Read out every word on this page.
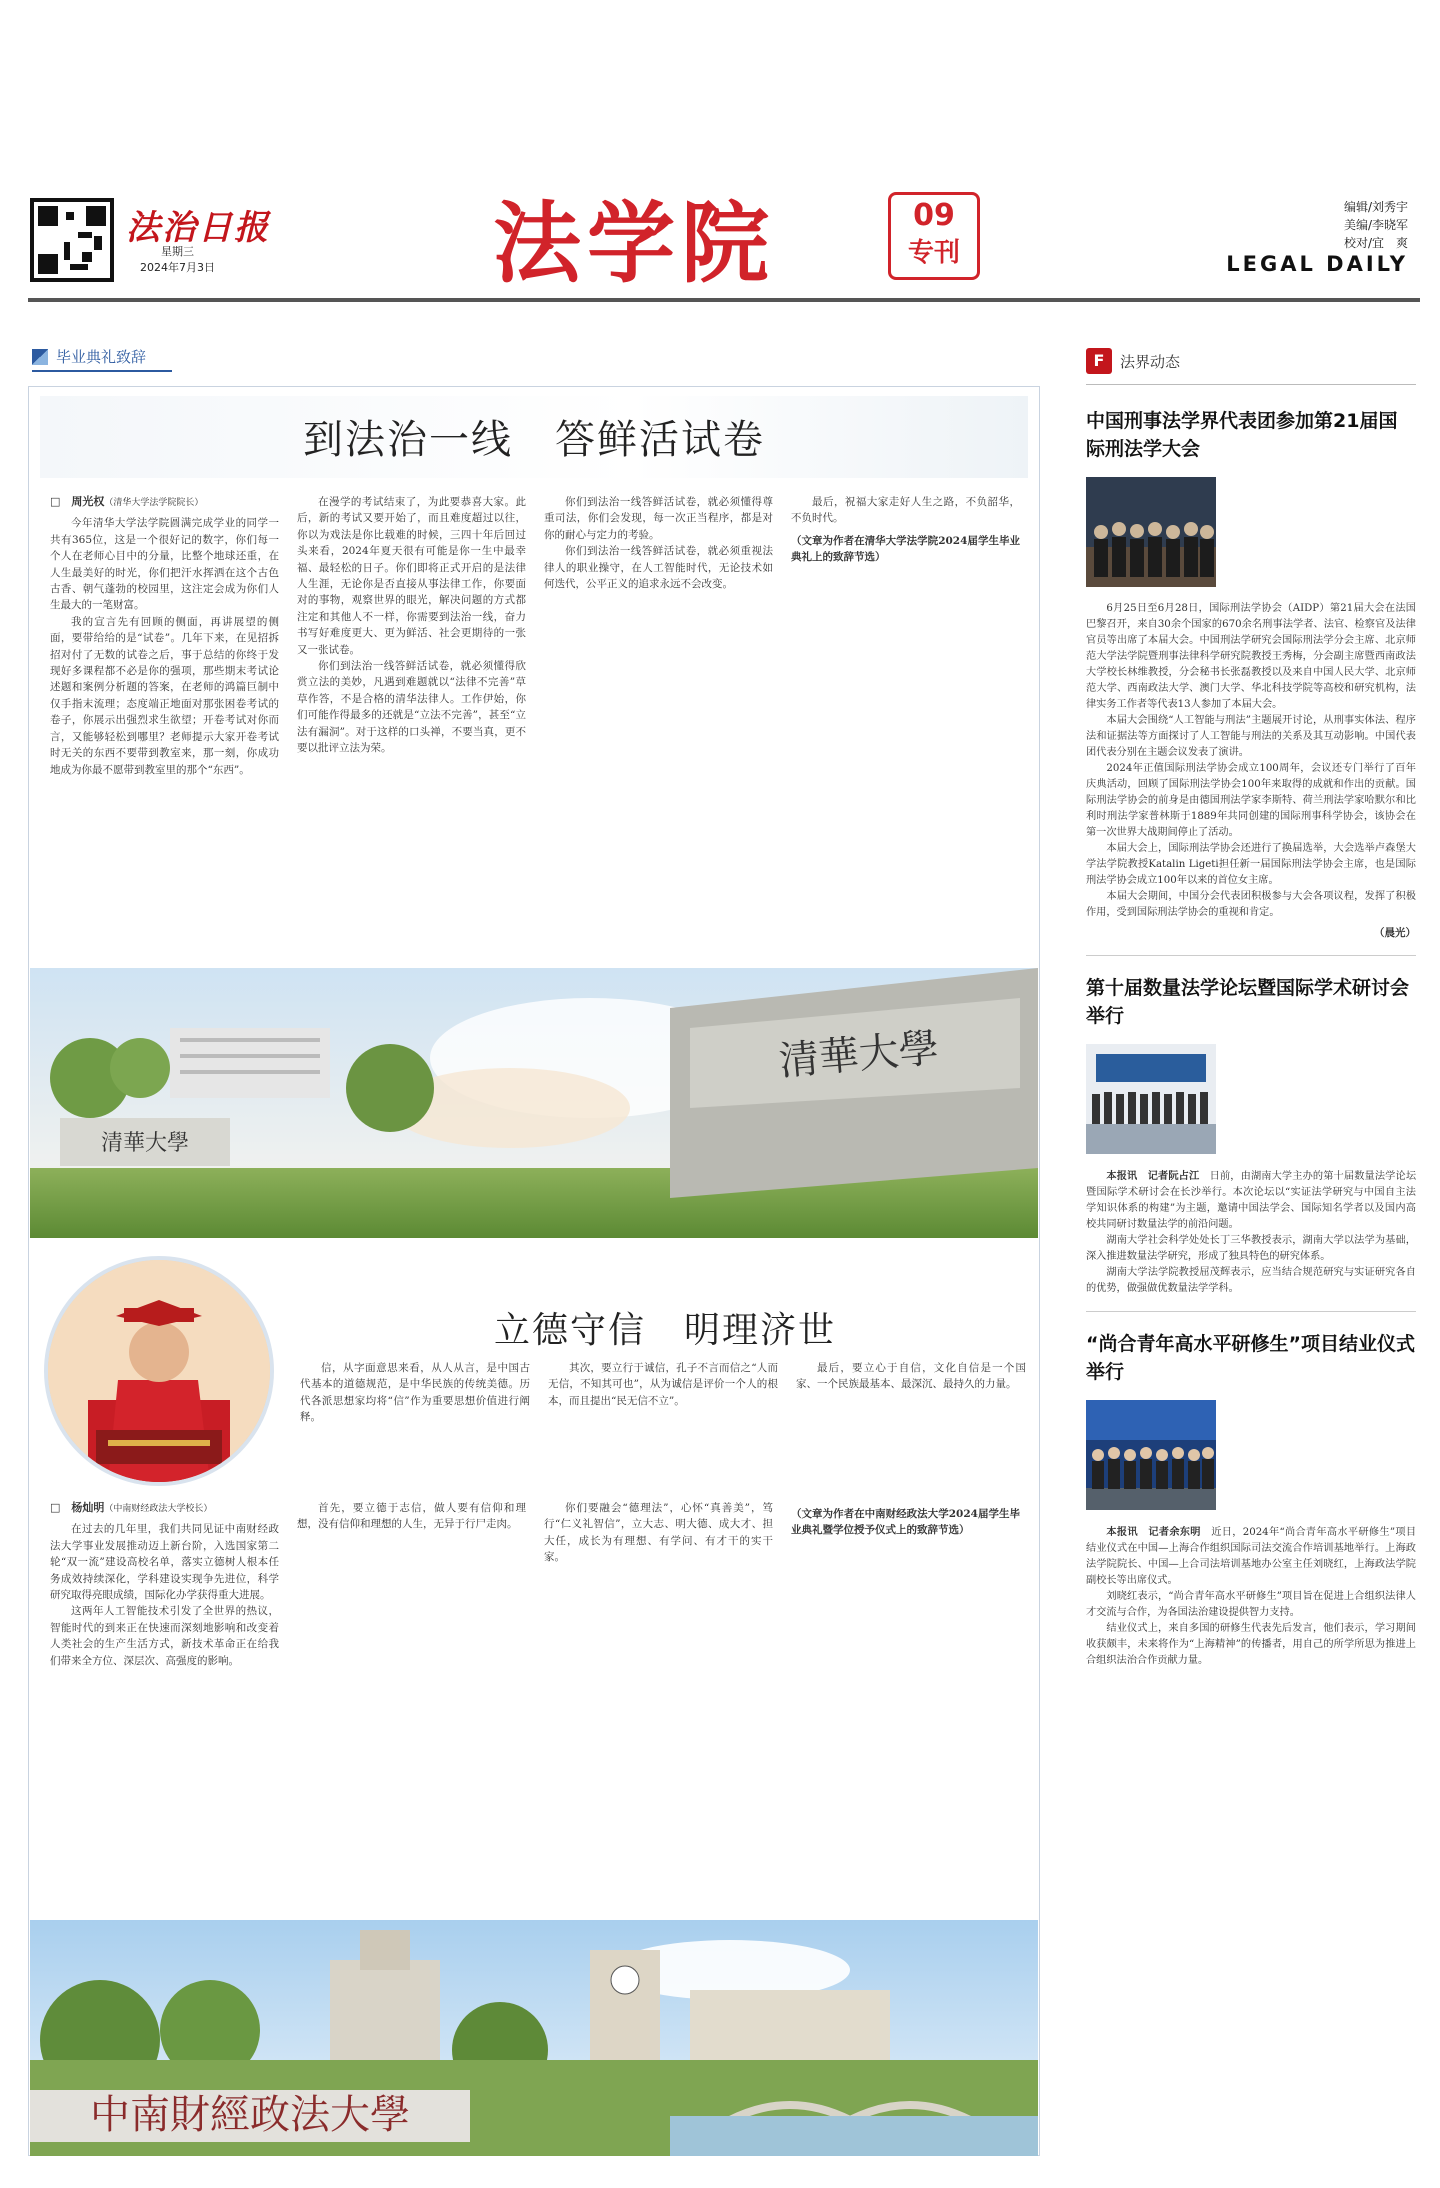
法治日报
星期三
2024年7月3日	法学院	09
专刊
编辑/刘秀宇
美编/李晓军
校对/宜　爽
LEGAL DAILY
毕业典礼致辞
到法治一线　答鲜活试卷

□　周光权（清华大学法学院院长）

今年清华大学法学院圆满完成学业的同学一共有365位，这是一个很好记的数字，你们每一个人在老师心目中的分量，比整个地球还重，在人生最美好的时光，你们把汗水挥洒在这个古色古香、朝气蓬勃的校园里，这注定会成为你们人生最大的一笔财富。

我的宣言先有回顾的侧面，再讲展望的侧面，要带给给的是“试卷”。几年下来，在见招拆招对付了无数的试卷之后，事于总结的你终于发现好多课程都不必是你的强项，那些期末考试论述题和案例分析题的答案，在老师的鸿篇巨制中仅手指末流理；态度端正地面对那张困卷考试的卷子，你展示出强烈求生欲望；开卷考试对你而言，又能够轻松到哪里？老师提示大家开卷考试时无关的东西不要带到教室来，那一刻，你成功地成为你最不愿带到教室里的那个“东西”。

在漫学的考试结束了，为此要恭喜大家。此后，新的考试又要开始了，而且难度超过以往，你以为戏法是你比载难的时候，三四十年后回过头来看，2024年夏天很有可能是你一生中最幸福、最轻松的日子。你们即将正式开启的是法律人生涯，无论你是否直接从事法律工作，你要面对的事物，观察世界的眼光，解决问题的方式都注定和其他人不一样，你需要到法治一线，奋力书写好难度更大、更为鲜活、社会更期待的一张又一张试卷。

你们到法治一线答鲜活试卷，就必须懂得欣赏立法的美妙，凡遇到难题就以“法律不完善”草草作答，不是合格的清华法律人。工作伊始，你们可能作得最多的还就是“立法不完善”，甚至“立法有漏洞”。对于这样的口头禅，不要当真，更不要以批评立法为荣。

你们到法治一线答鲜活试卷，就必须懂得尊重司法，你们会发现，每一次正当程序，都是对你的耐心与定力的考验。

你们到法治一线答鲜活试卷，就必须重视法律人的职业操守，在人工智能时代，无论技术如何迭代，公平正义的追求永远不会改变。

最后，祝福大家走好人生之路，不负韶华，不负时代。

（文章为作者在清华大学法学院2024届学生毕业典礼上的致辞节选）

清華大學
清華大學
立德守信　明理济世

信，从字面意思来看，从人从言，是中国古代基本的道德规范，是中华民族的传统美德。历代各派思想家均将“信”作为重要思想价值进行阐释。

其次，要立行于诚信，孔子不言而信之“人而无信，不知其可也”，从为诚信是评价一个人的根本，而且提出“民无信不立”。

最后，要立心于自信，文化自信是一个国家、一个民族最基本、最深沉、最持久的力量。

□　杨灿明（中南财经政法大学校长）

在过去的几年里，我们共同见证中南财经政法大学事业发展推动迈上新台阶，入选国家第二轮“双一流”建设高校名单，落实立德树人根本任务成效持续深化，学科建设实现争先进位，科学研究取得亮眼成绩，国际化办学获得重大进展。

这两年人工智能技术引发了全世界的热议，智能时代的到来正在快速而深刻地影响和改变着人类社会的生产生活方式，新技术革命正在给我们带来全方位、深层次、高强度的影响。

首先，要立德于志信，做人要有信仰和理想，没有信仰和理想的人生，无异于行尸走肉。

你们要融会“德理法”，心怀“真善美”，笃行“仁义礼智信”，立大志、明大德、成大才、担大任，成长为有理想、有学问、有才干的实干家。

（文章为作者在中南财经政法大学2024届学生毕业典礼暨学位授予仪式上的致辞节选）

中南財經政法大學
F	法界动态
中国刑事法学界代表团参加第21届国际刑法学大会

6月25日至6月28日，国际刑法学协会（AIDP）第21届大会在法国巴黎召开，来自30余个国家的670余名刑事法学者、法官、检察官及法律官员等出席了本届大会。中国刑法学研究会国际刑法学分会主席、北京师范大学法学院暨刑事法律科学研究院教授王秀梅，分会副主席暨西南政法大学校长林维教授，分会秘书长张磊教授以及来自中国人民大学、北京师范大学、西南政法大学、澳门大学、华北科技学院等高校和研究机构，法律实务工作者等代表13人参加了本届大会。

本届大会围绕“人工智能与刑法”主题展开讨论，从刑事实体法、程序法和证据法等方面探讨了人工智能与刑法的关系及其互动影响。中国代表团代表分别在主题会议发表了演讲。

2024年正值国际刑法学协会成立100周年，会议还专门举行了百年庆典活动，回顾了国际刑法学协会100年来取得的成就和作出的贡献。国际刑法学协会的前身是由德国刑法学家李斯特、荷兰刑法学家哈默尔和比利时刑法学家普林斯于1889年共同创建的国际刑事科学协会，该协会在第一次世界大战期间停止了活动。

本届大会上，国际刑法学协会还进行了换届选举，大会选举卢森堡大学法学院教授Katalin Ligeti担任新一届国际刑法学协会主席，也是国际刑法学协会成立100年以来的首位女主席。

本届大会期间，中国分会代表团积极参与大会各项议程，发挥了积极作用，受到国际刑法学协会的重视和肯定。

（晨光）
第十届数量法学论坛暨国际学术研讨会举行

本报讯　记者阮占江　 日前，由湖南大学主办的第十届数量法学论坛暨国际学术研讨会在长沙举行。本次论坛以“实证法学研究与中国自主法学知识体系的构建”为主题，邀请中国法学会、国际知名学者以及国内高校共同研讨数量法学的前沿问题。

湖南大学社会科学处处长丁三华教授表示，湖南大学以法学为基础，深入推进数量法学研究，形成了独具特色的研究体系。

湖南大学法学院教授屈茂辉表示，应当结合规范研究与实证研究各自的优势，做强做优数量法学学科。

“尚合青年高水平研修生”项目结业仪式举行

本报讯　记者余东明　 近日，2024年“尚合青年高水平研修生”项目结业仪式在中国—上海合作组织国际司法交流合作培训基地举行。上海政法学院院长、中国—上合司法培训基地办公室主任刘晓红，上海政法学院副校长等出席仪式。

刘晓红表示，“尚合青年高水平研修生”项目旨在促进上合组织法律人才交流与合作，为各国法治建设提供智力支持。

结业仪式上，来自多国的研修生代表先后发言，他们表示，学习期间收获颇丰，未来将作为“上海精神”的传播者，用自己的所学所思为推进上合组织法治合作贡献力量。
